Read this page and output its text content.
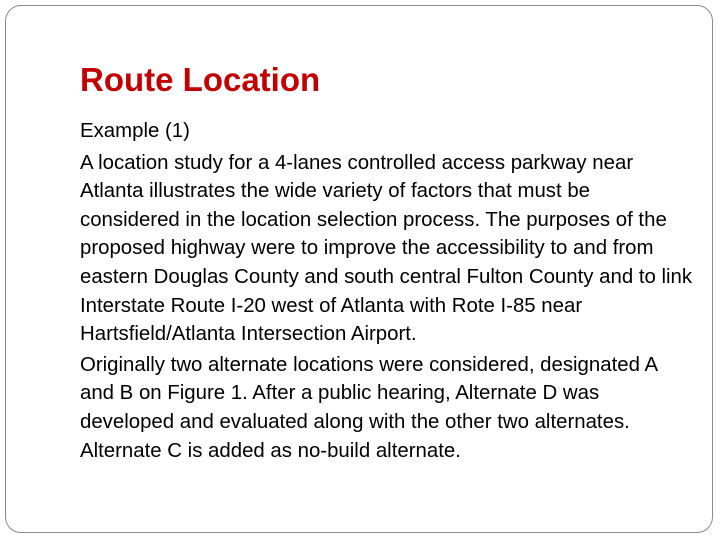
Route Location
Example (1)

A location study for a 4-lanes controlled access parkway near Atlanta illustrates the wide variety of factors that must be considered in the location selection process. The purposes of the proposed highway were to improve the accessibility to and from eastern Douglas County and south central Fulton County and to link Interstate Route I-20 west of Atlanta with Rote I-85 near Hartsfield/Atlanta Intersection Airport.

Originally two alternate locations were considered, designated A and B on Figure 1. After a public hearing, Alternate D was developed and evaluated along with the other two alternates. Alternate C is added as no-build alternate.
